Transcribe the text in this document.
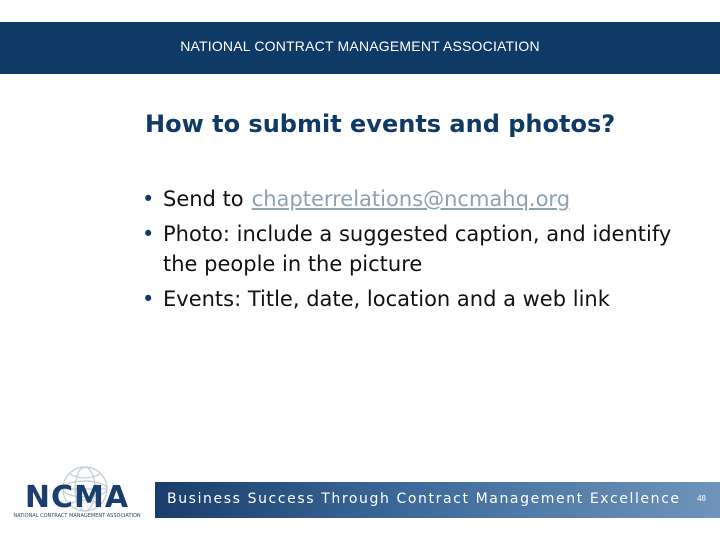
NATIONAL CONTRACT MANAGEMENT ASSOCIATION
How to submit events and photos?
• Send to chapterrelations@ncmahq.org
• Photo: include a suggested caption, and identify the people in the picture
• Events: Title, date, location and a web link
NCMA
NATIONAL CONTRACT MANAGEMENT ASSOCIATION
Business Success Through Contract Management Excellence 48
